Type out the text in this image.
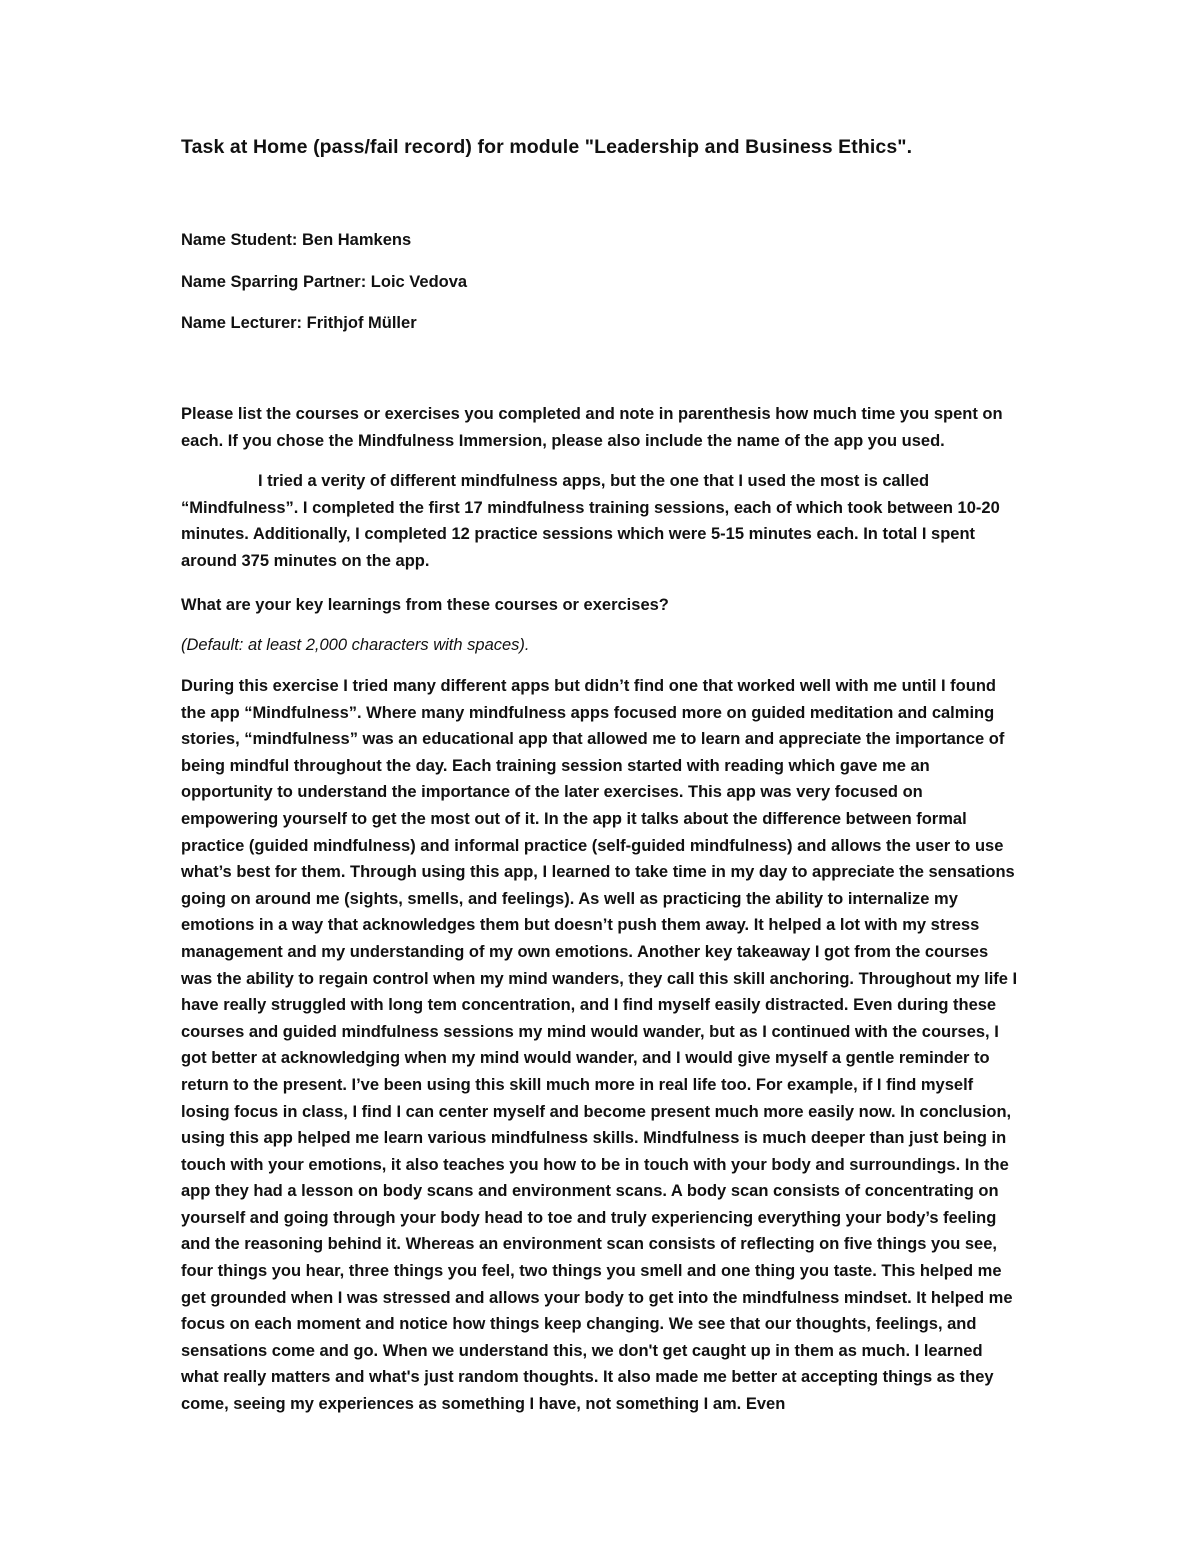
Task at Home (pass/fail record) for module "Leadership and Business Ethics".

Name Student: Ben Hamkens

Name Sparring Partner: Loic Vedova

Name Lecturer: Frithjof Müller

Please list the courses or exercises you completed and note in parenthesis how much time you spent on each. If you chose the Mindfulness Immersion, please also include the name of the app you used.

I tried a verity of different mindfulness apps, but the one that I used the most is called “Mindfulness”. I completed the first 17 mindfulness training sessions, each of which took between 10-20 minutes. Additionally, I completed 12 practice sessions which were 5-15 minutes each. In total I spent around 375 minutes on the app.

What are your key learnings from these courses or exercises?

(Default: at least 2,000 characters with spaces).

During this exercise I tried many different apps but didn’t find one that worked well with me until I found the app “Mindfulness”. Where many mindfulness apps focused more on guided meditation and calming stories, “mindfulness” was an educational app that allowed me to learn and appreciate the importance of being mindful throughout the day. Each training session started with reading which gave me an opportunity to understand the importance of the later exercises. This app was very focused on empowering yourself to get the most out of it. In the app it talks about the difference between formal practice (guided mindfulness) and informal practice (self-guided mindfulness) and allows the user to use what’s best for them. Through using this app, I learned to take time in my day to appreciate the sensations going on around me (sights, smells, and feelings). As well as practicing the ability to internalize my emotions in a way that acknowledges them but doesn’t push them away. It helped a lot with my stress management and my understanding of my own emotions. Another key takeaway I got from the courses was the ability to regain control when my mind wanders, they call this skill anchoring. Throughout my life I have really struggled with long tem concentration, and I find myself easily distracted. Even during these courses and guided mindfulness sessions my mind would wander, but as I continued with the courses, I got better at acknowledging when my mind would wander, and I would give myself a gentle reminder to return to the present. I’ve been using this skill much more in real life too. For example, if I find myself losing focus in class, I find I can center myself and become present much more easily now. In conclusion, using this app helped me learn various mindfulness skills. Mindfulness is much deeper than just being in touch with your emotions, it also teaches you how to be in touch with your body and surroundings. In the app they had a lesson on body scans and environment scans. A body scan consists of concentrating on yourself and going through your body head to toe and truly experiencing everything your body’s feeling and the reasoning behind it. Whereas an environment scan consists of reflecting on five things you see, four things you hear, three things you feel, two things you smell and one thing you taste. This helped me get grounded when I was stressed and allows your body to get into the mindfulness mindset. It helped me focus on each moment and notice how things keep changing. We see that our thoughts, feelings, and sensations come and go. When we understand this, we don't get caught up in them as much. I learned what really matters and what's just random thoughts. It also made me better at accepting things as they come, seeing my experiences as something I have, not something I am. Even
